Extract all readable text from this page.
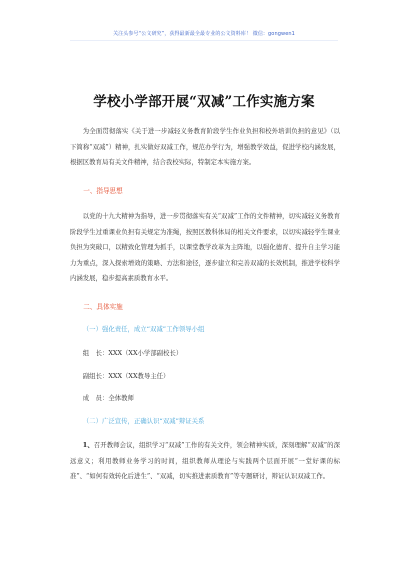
关注头参号“公文研究”，获得最新最全最专业的公文资料库！ 微信：gongwen1
学校小学部开展“双减”工作实施方案

为全面贯彻落实《关于进一步减轻义务教育阶段学生作业负担和校外培训负担的意见》（以下简称“双减”）精神，扎实做好双减工作，规范办学行为，增强教学效益，促进学校内涵发展，根据区教育局有关文件精神，结合我校实际，特制定本实施方案。

一、指导思想

以党的十九大精神为指导，进一步贯彻落实有关“双减”工作的文件精神，切实减轻义务教育阶段学生过重课业负担有关规定为准绳，按照区教科体局的相关文件要求，以切实减轻学生课业负担为突破口，以精致化管理为抓手，以课堂教学改革为主阵地，以强化德育、提升自主学习能力为重点，深入探索增效的策略、方法和途径，逐步建立和完善双减的长效机制，推进学校科学内涵发展，稳步提高素质教育水平。

二、具体实施

（一）强化责任，成立“双减”工作领导小组

组　长：XXX（XX小学部副校长）

副组长：XXX（XX教导主任）

成　员：全体教师

（二）广泛宣传，正确认识“双减”辩证关系

1、召开教师会议，组织学习“双减”工作的有关文件，领会精神实质，深刻理解“双减”的深远意义；利用教师业务学习的时间，组织教师从理论与实践两个层面开展“一堂好课的标准”、“如何有效转化后进生”、“双减，切实推进素质教育”等专题研讨，辩证认识双减工作。
